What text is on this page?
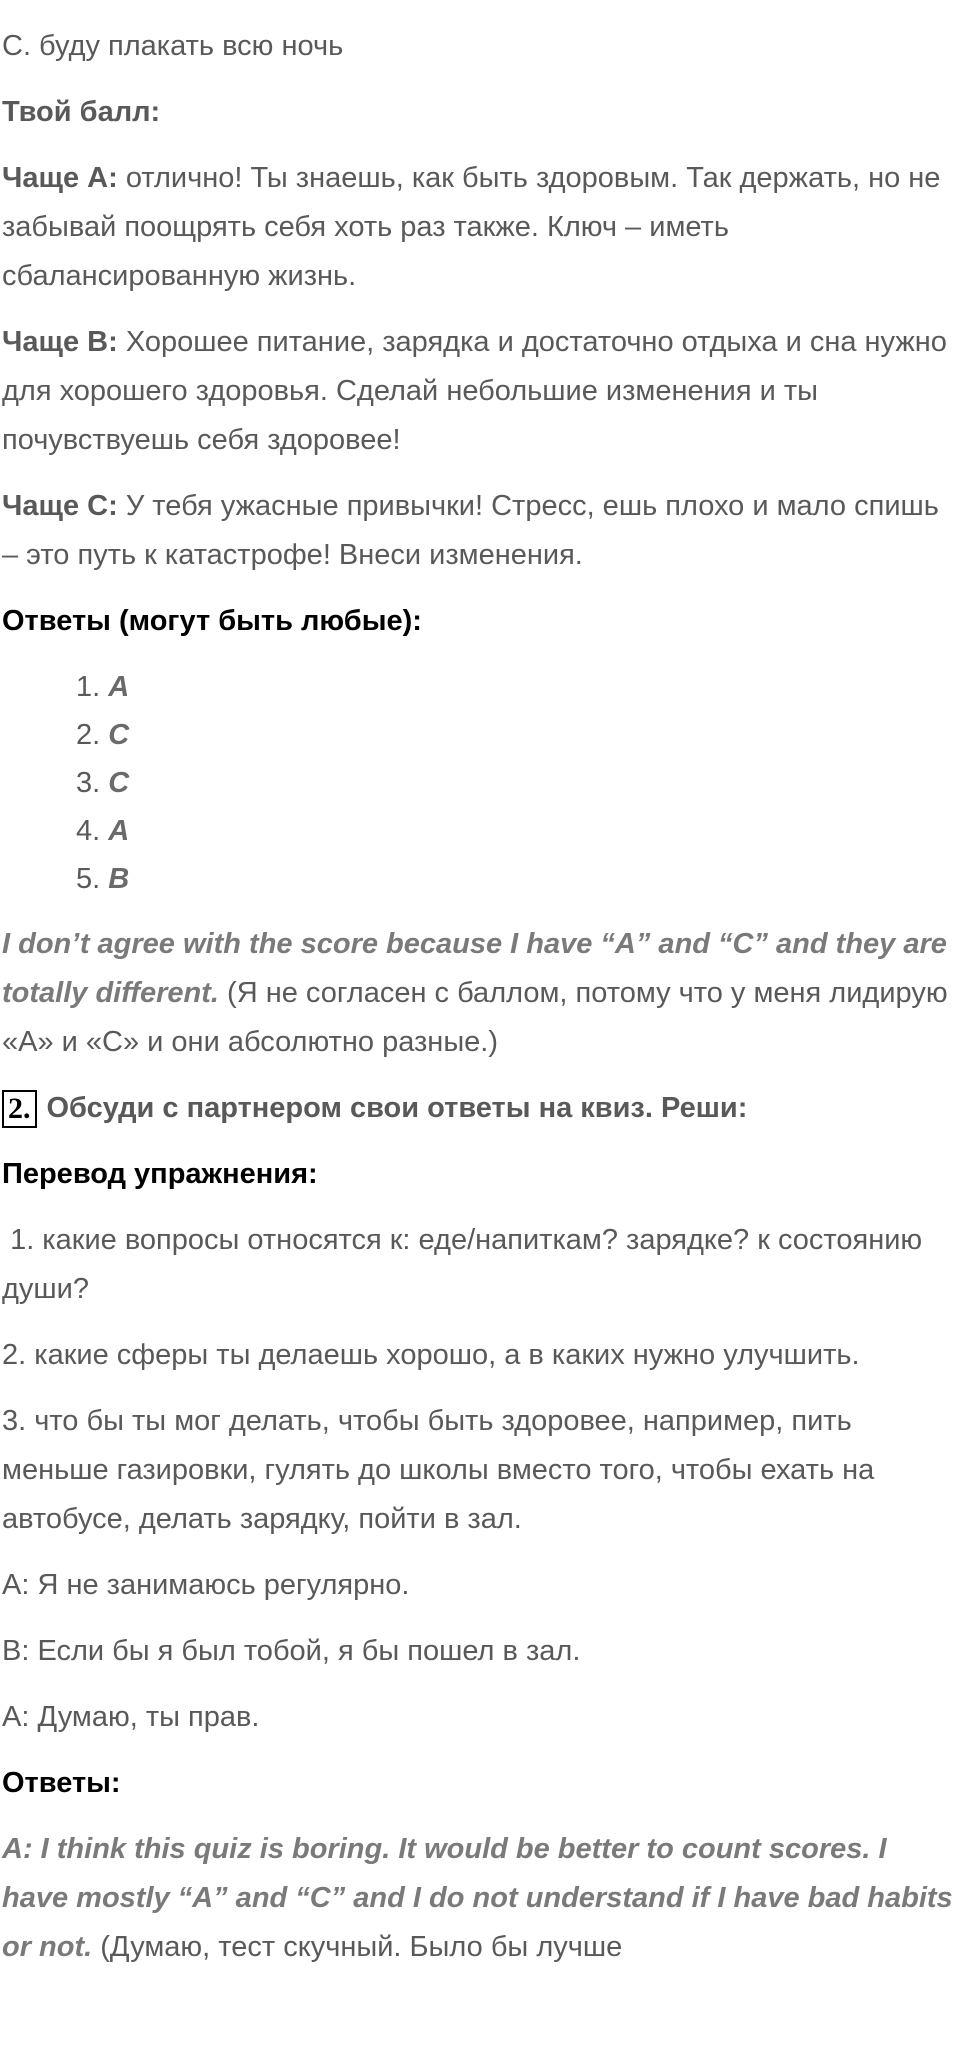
С. буду плакать всю ночь

Твой балл:

Чаще A: отлично! Ты знаешь, как быть здоровым. Так держать, но не забывай поощрять себя хоть раз также. Ключ – иметь сбалансированную жизнь.

Чаще B: Хорошее питание, зарядка и достаточно отдыха и сна нужно для хорошего здоровья. Сделай небольшие изменения и ты почувствуешь себя здоровее!

Чаще C: У тебя ужасные привычки! Стресс, ешь плохо и мало спишь – это путь к катастрофе! Внеси изменения.

Ответы (могут быть любые):

1. A
2. C
3. C
4. A
5. B

I don’t agree with the score because I have “A” and “C” and they are totally different. (Я не согласен с баллом, потому что у меня лидирую «А» и «С» и они абсолютно разные.)

2. Обсуди с партнером свои ответы на квиз. Реши:

Перевод упражнения:

1. какие вопросы относятся к: еде/напиткам? зарядке? к состоянию души?

2. какие сферы ты делаешь хорошо, а в каких нужно улучшить.

3. что бы ты мог делать, чтобы быть здоровее, например, пить меньше газировки, гулять до школы вместо того, чтобы ехать на автобусе, делать зарядку, пойти в зал.

A: Я не занимаюсь регулярно.

B: Если бы я был тобой, я бы пошел в зал.

A: Думаю, ты прав.

Ответы:

A: I think this quiz is boring. It would be better to count scores. I have mostly “A” and “C” and I do not understand if I have bad habits or not. (Думаю, тест скучный. Было бы лучше
